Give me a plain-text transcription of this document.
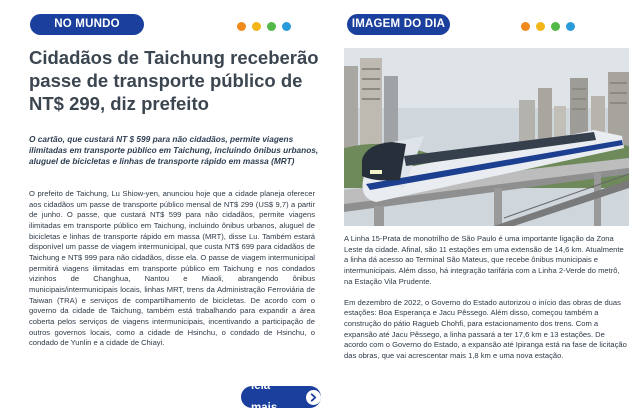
NO MUNDO
Cidadãos de Taichung receberão passe de transporte público de NT$ 299, diz prefeito

O cartão, que custará NT $ 599 para não cidadãos, permite viagens ilimitadas em transporte público em Taichung, incluindo ônibus urbanos, aluguel de bicicletas e linhas de transporte rápido em massa (MRT)

O prefeito de Taichung, Lu Shiow-yen, anunciou hoje que a cidade planeja oferecer aos cidadãos um passe de transporte público mensal de NT$ 299 (US$ 9,7) a partir de junho. O passe, que custará NT$ 599 para não cidadãos, permite viagens ilimitadas em transporte público em Taichung, incluindo ônibus urbanos, aluguel de bicicletas e linhas de transporte rápido em massa (MRT), disse Lu. Também estará disponível um passe de viagem intermunicipal, que custa NT$ 699 para cidadãos de Taichung e NT$ 999 para não cidadãos, disse ela. O passe de viagem intermunicipal permitirá viagens ilimitadas em transporte público em Taichung e nos condados vizinhos de Changhua, Nantou e Miaoli, abrangendo ônibus municipais/intermunicipais locais, linhas MRT, trens da Administração Ferroviária de Taiwan (TRA) e serviços de compartilhamento de bicicletas. De acordo com o governo da cidade de Taichung, também está trabalhando para expandir a área coberta pelos serviços de viagens intermunicipais, incentivando a participação de outros governos locais, como a cidade de Hsinchu, o condado de Hsinchu, o condado de Yunlin e a cidade de Chiayi.

leia mais
IMAGEM DO DIA

A Linha 15-Prata de monotrilho de São Paulo é uma importante ligação da Zona Leste da cidade. Afinal, são 11 estações em uma extensão de 14,6 km. Atualmente a linha dá acesso ao Terminal São Mateus, que recebe ônibus municipais e intermunicipais. Além disso, há integração tarifária com a Linha 2-Verde do metrô, na Estação Vila Prudente.

Em dezembro de 2022, o Governo do Estado autorizou o início das obras de duas estações: Boa Esperança e Jacu Pêssego. Além disso, começou também a construção do pátio Ragueb Chohfi, para estacionamento dos trens. Com a expansão até Jacu Pêssego, a linha passará a ter 17,6 km e 13 estações. De acordo com o Governo do Estado, a expansão até Ipiranga está na fase de licitação das obras, que vai acrescentar mais 1,8 km e uma nova estação.
